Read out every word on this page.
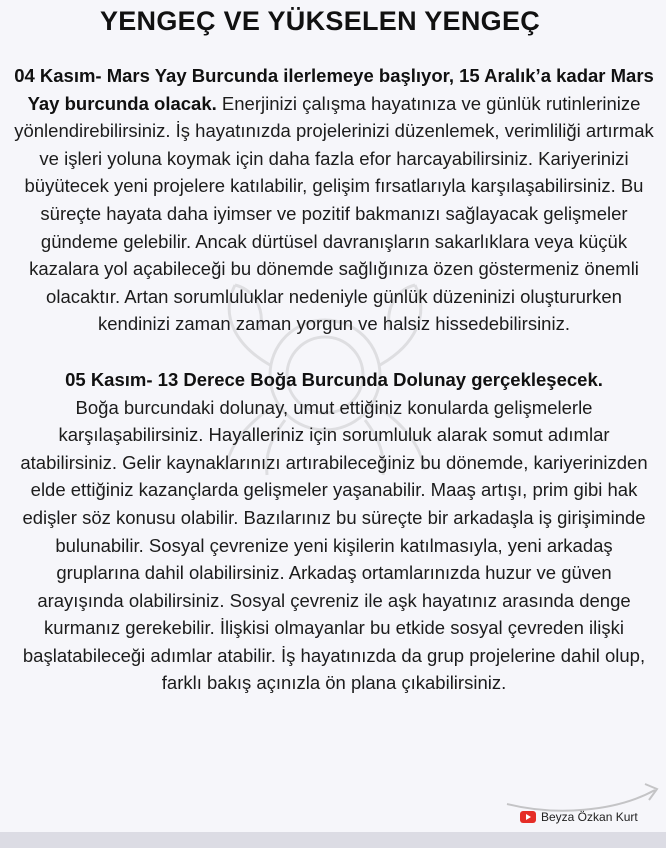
YENGEÇ VE YÜKSELEN YENGEÇ

04 Kasım- Mars Yay Burcunda ilerlemeye başlıyor, 15 Aralık’a kadar Mars Yay burcunda olacak. Enerjinizi çalışma hayatınıza ve günlük rutinlerinize yönlendirebilirsiniz. İş hayatınızda projelerinizi düzenlemek, verimliliği artırmak ve işleri yoluna koymak için daha fazla efor harcayabilirsiniz. Kariyerinizi büyütecek yeni projelere katılabilir, gelişim fırsatlarıyla karşılaşabilirsiniz. Bu süreçte hayata daha iyimser ve pozitif bakmanızı sağlayacak gelişmeler gündeme gelebilir. Ancak dürtüsel davranışların sakarlıklara veya küçük kazalara yol açabileceği bu dönemde sağlığınıza özen göstermeniz önemli olacaktır. Artan sorumluluklar nedeniyle günlük düzeninizi oluştururken kendinizi zaman zaman yorgun ve halsiz hissedebilirsiniz.

05 Kasım- 13 Derece Boğa Burcunda Dolunay gerçekleşecek.
Boğa burcundaki dolunay, umut ettiğiniz konularda gelişmelerle karşılaşabilirsiniz. Hayalleriniz için sorumluluk alarak somut adımlar atabilirsiniz. Gelir kaynaklarınızı artırabileceğiniz bu dönemde, kariyerinizden elde ettiğiniz kazançlarda gelişmeler yaşanabilir. Maaş artışı, prim gibi hak edişler söz konusu olabilir. Bazılarınız bu süreçte bir arkadaşla iş girişiminde bulunabilir. Sosyal çevrenize yeni kişilerin katılmasıyla, yeni arkadaş gruplarına dahil olabilirsiniz. Arkadaş ortamlarınızda huzur ve güven arayışında olabilirsiniz. Sosyal çevreniz ile aşk hayatınız arasında denge kurmanız gerekebilir. İlişkisi olmayanlar bu etkide sosyal çevreden ilişki başlatabileceği adımlar atabilir. İş hayatınızda da grup projelerine dahil olup, farklı bakış açınızla ön plana çıkabilirsiniz.

Beyza Özkan Kurt
